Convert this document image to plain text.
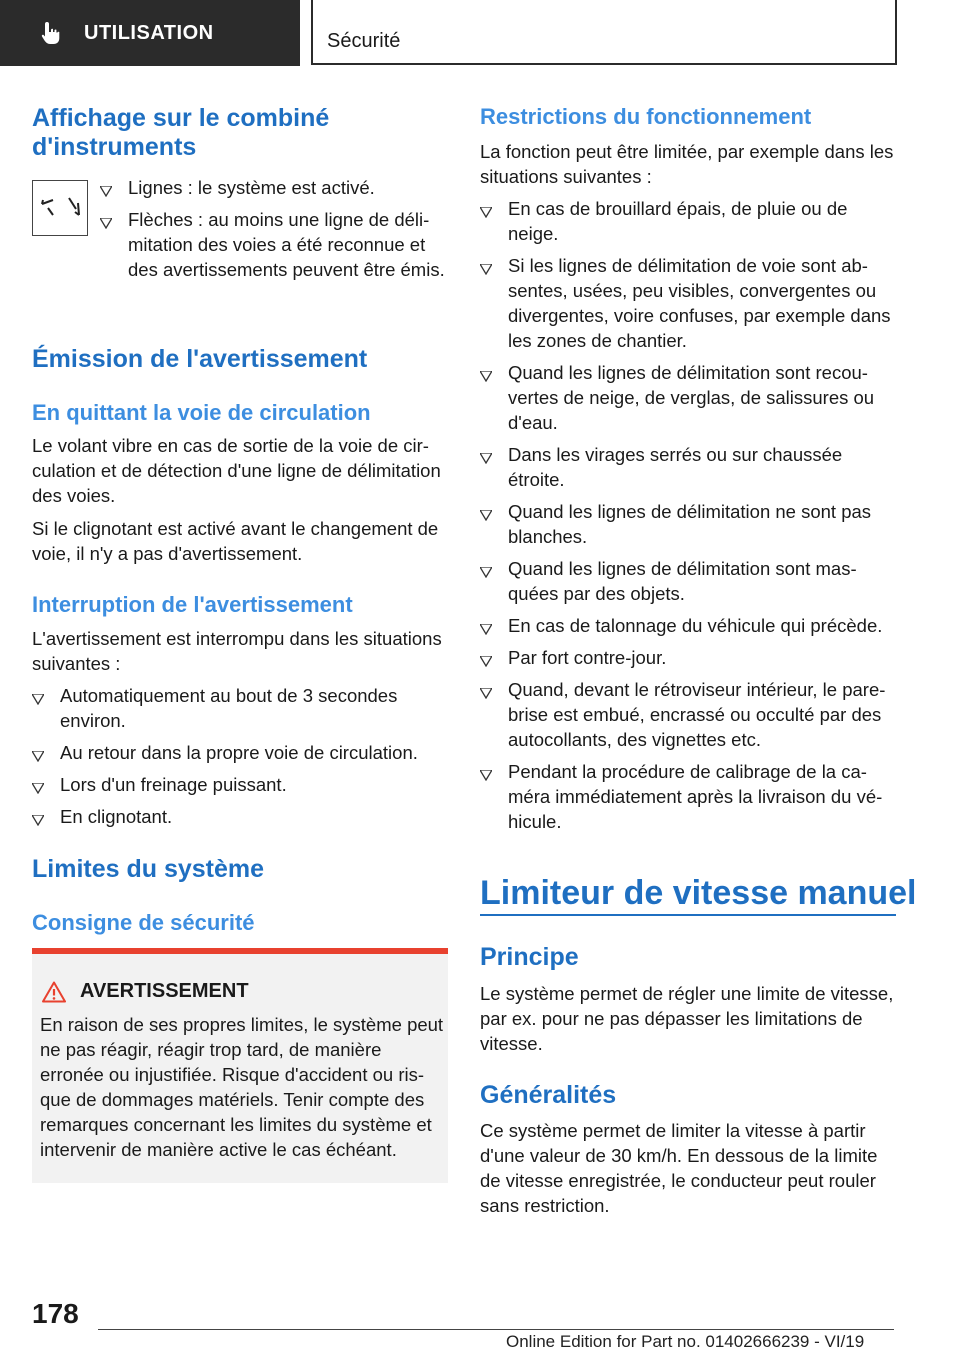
UTILISATION	Sécurité
Affichage sur le combiné d'instruments
Lignes : le système est activé.
Flèches : au moins une ligne de délimitation des voies a été reconnue et des avertissements peuvent être émis.
Émission de l'avertissement
En quittant la voie de circulation

Le volant vibre en cas de sortie de la voie de circulation et de détection d'une ligne de délimitation des voies.

Si le clignotant est activé avant le changement de voie, il n'y a pas d'avertissement.

Interruption de l'avertissement

L'avertissement est interrompu dans les situations suivantes :

Automatiquement au bout de 3 secondes environ.
Au retour dans la propre voie de circulation.
Lors d'un freinage puissant.
En clignotant.
Limites du système
Consigne de sécurité
AVERTISSEMENT

En raison de ses propres limites, le système peut ne pas réagir, réagir trop tard, de manière erronée ou injustifiée. Risque d'accident ou risque de dommages matériels. Tenir compte des remarques concernant les limites du système et intervenir de manière active le cas échéant.

Restrictions du fonctionnement

La fonction peut être limitée, par exemple dans les situations suivantes :

En cas de brouillard épais, de pluie ou de neige.
Si les lignes de délimitation de voie sont absentes, usées, peu visibles, convergentes ou divergentes, voire confuses, par exemple dans les zones de chantier.
Quand les lignes de délimitation sont recouvertes de neige, de verglas, de salissures ou d'eau.
Dans les virages serrés ou sur chaussée étroite.
Quand les lignes de délimitation ne sont pas blanches.
Quand les lignes de délimitation sont masquées par des objets.
En cas de talonnage du véhicule qui précède.
Par fort contre-jour.
Quand, devant le rétroviseur intérieur, le pare-brise est embué, encrassé ou occulté par des autocollants, des vignettes etc.
Pendant la procédure de calibrage de la caméra immédiatement après la livraison du véhicule.
Limiteur de vitesse manuel
Principe

Le système permet de régler une limite de vitesse, par ex. pour ne pas dépasser les limitations de vitesse.

Généralités

Ce système permet de limiter la vitesse à partir d'une valeur de 30 km/h. En dessous de la limite de vitesse enregistrée, le conducteur peut rouler sans restriction.

178
Online Edition for Part no. 01402666239 - VI/19
